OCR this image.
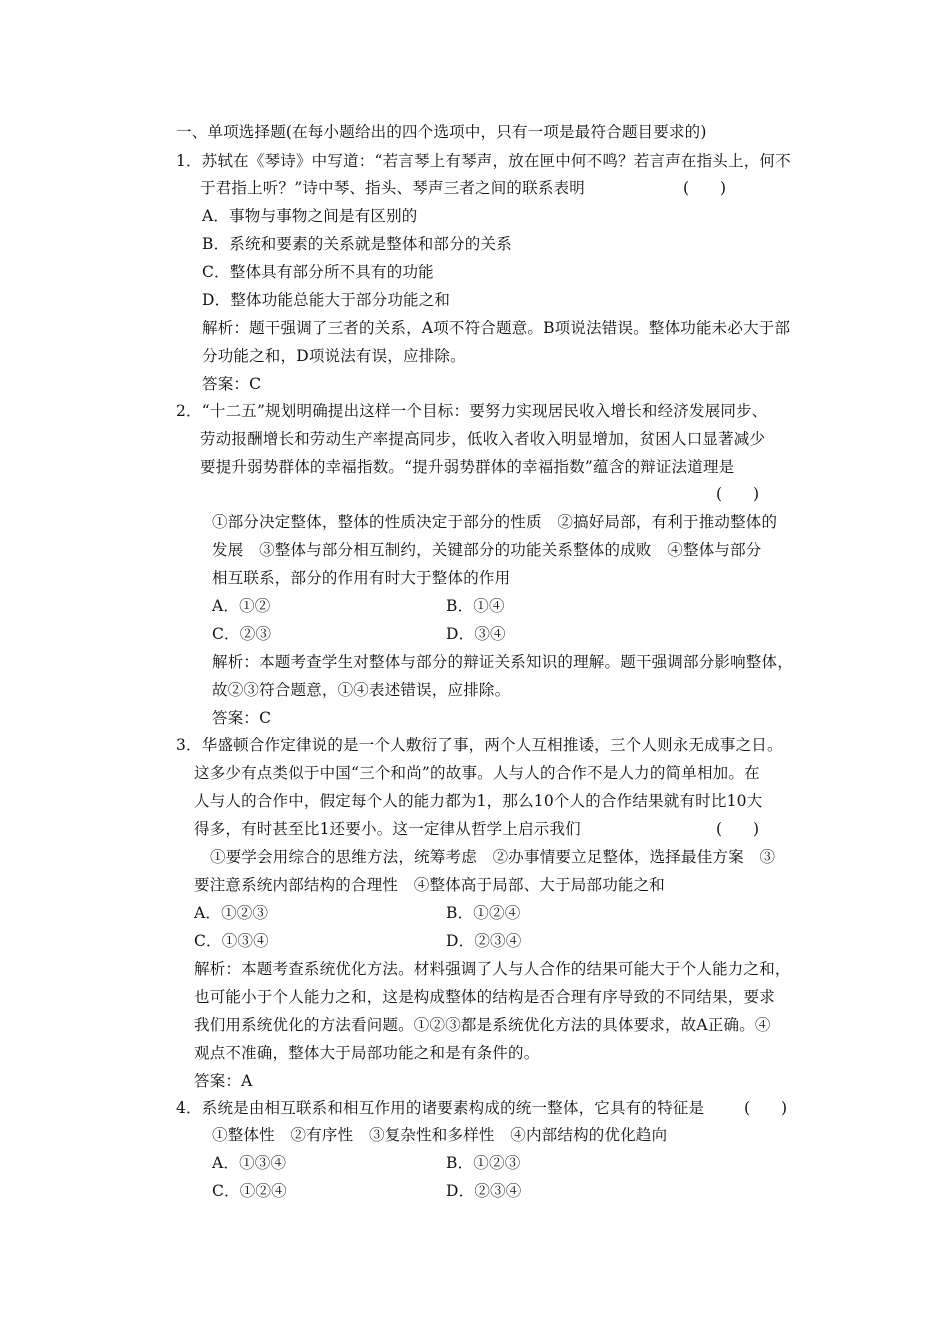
一、单项选择题(在每小题给出的四个选项中，只有一项是最符合题目要求的)
1．苏轼在《琴诗》中写道：“若言琴上有琴声，放在匣中何不鸣？若言声在指头上，何不
于君指上听？”诗中琴、指头、琴声三者之间的联系表明	(　　)
A．事物与事物之间是有区别的
B．系统和要素的关系就是整体和部分的关系
C．整体具有部分所不具有的功能
D．整体功能总能大于部分功能之和
解析：题干强调了三者的关系，A项不符合题意。B项说法错误。整体功能未必大于部
分功能之和，D项说法有误，应排除。
答案：C
2．“十二五”规划明确提出这样一个目标：要努力实现居民收入增长和经济发展同步、
劳动报酬增长和劳动生产率提高同步，低收入者收入明显增加，贫困人口显著减少
要提升弱势群体的幸福指数。“提升弱势群体的幸福指数”蕴含的辩证法道理是
(　　)
①部分决定整体，整体的性质决定于部分的性质　②搞好局部，有利于推动整体的
发展　③整体与部分相互制约，关键部分的功能关系整体的成败　④整体与部分
相互联系，部分的作用有时大于整体的作用
A．①②	B．①④
C．②③	D．③④
解析：本题考查学生对整体与部分的辩证关系知识的理解。题干强调部分影响整体，
故②③符合题意，①④表述错误，应排除。
答案：C
3．华盛顿合作定律说的是一个人敷衍了事，两个人互相推诿，三个人则永无成事之日。
这多少有点类似于中国“三个和尚”的故事。人与人的合作不是人力的简单相加。在
人与人的合作中，假定每个人的能力都为1，那么10个人的合作结果就有时比10大
得多，有时甚至比1还要小。这一定律从哲学上启示我们	(　　)
①要学会用综合的思维方法，统筹考虑　②办事情要立足整体，选择最佳方案　③
要注意系统内部结构的合理性　④整体高于局部、大于局部功能之和
A．①②③	B．①②④
C．①③④	D．②③④
解析：本题考查系统优化方法。材料强调了人与人合作的结果可能大于个人能力之和，
也可能小于个人能力之和，这是构成整体的结构是否合理有序导致的不同结果，要求
我们用系统优化的方法看问题。①②③都是系统优化方法的具体要求，故A正确。④
观点不准确，整体大于局部功能之和是有条件的。
答案：A
4．系统是由相互联系和相互作用的诸要素构成的统一整体，它具有的特征是	(　　)
①整体性　②有序性　③复杂性和多样性　④内部结构的优化趋向
A．①③④	B．①②③
C．①②④	D．②③④
